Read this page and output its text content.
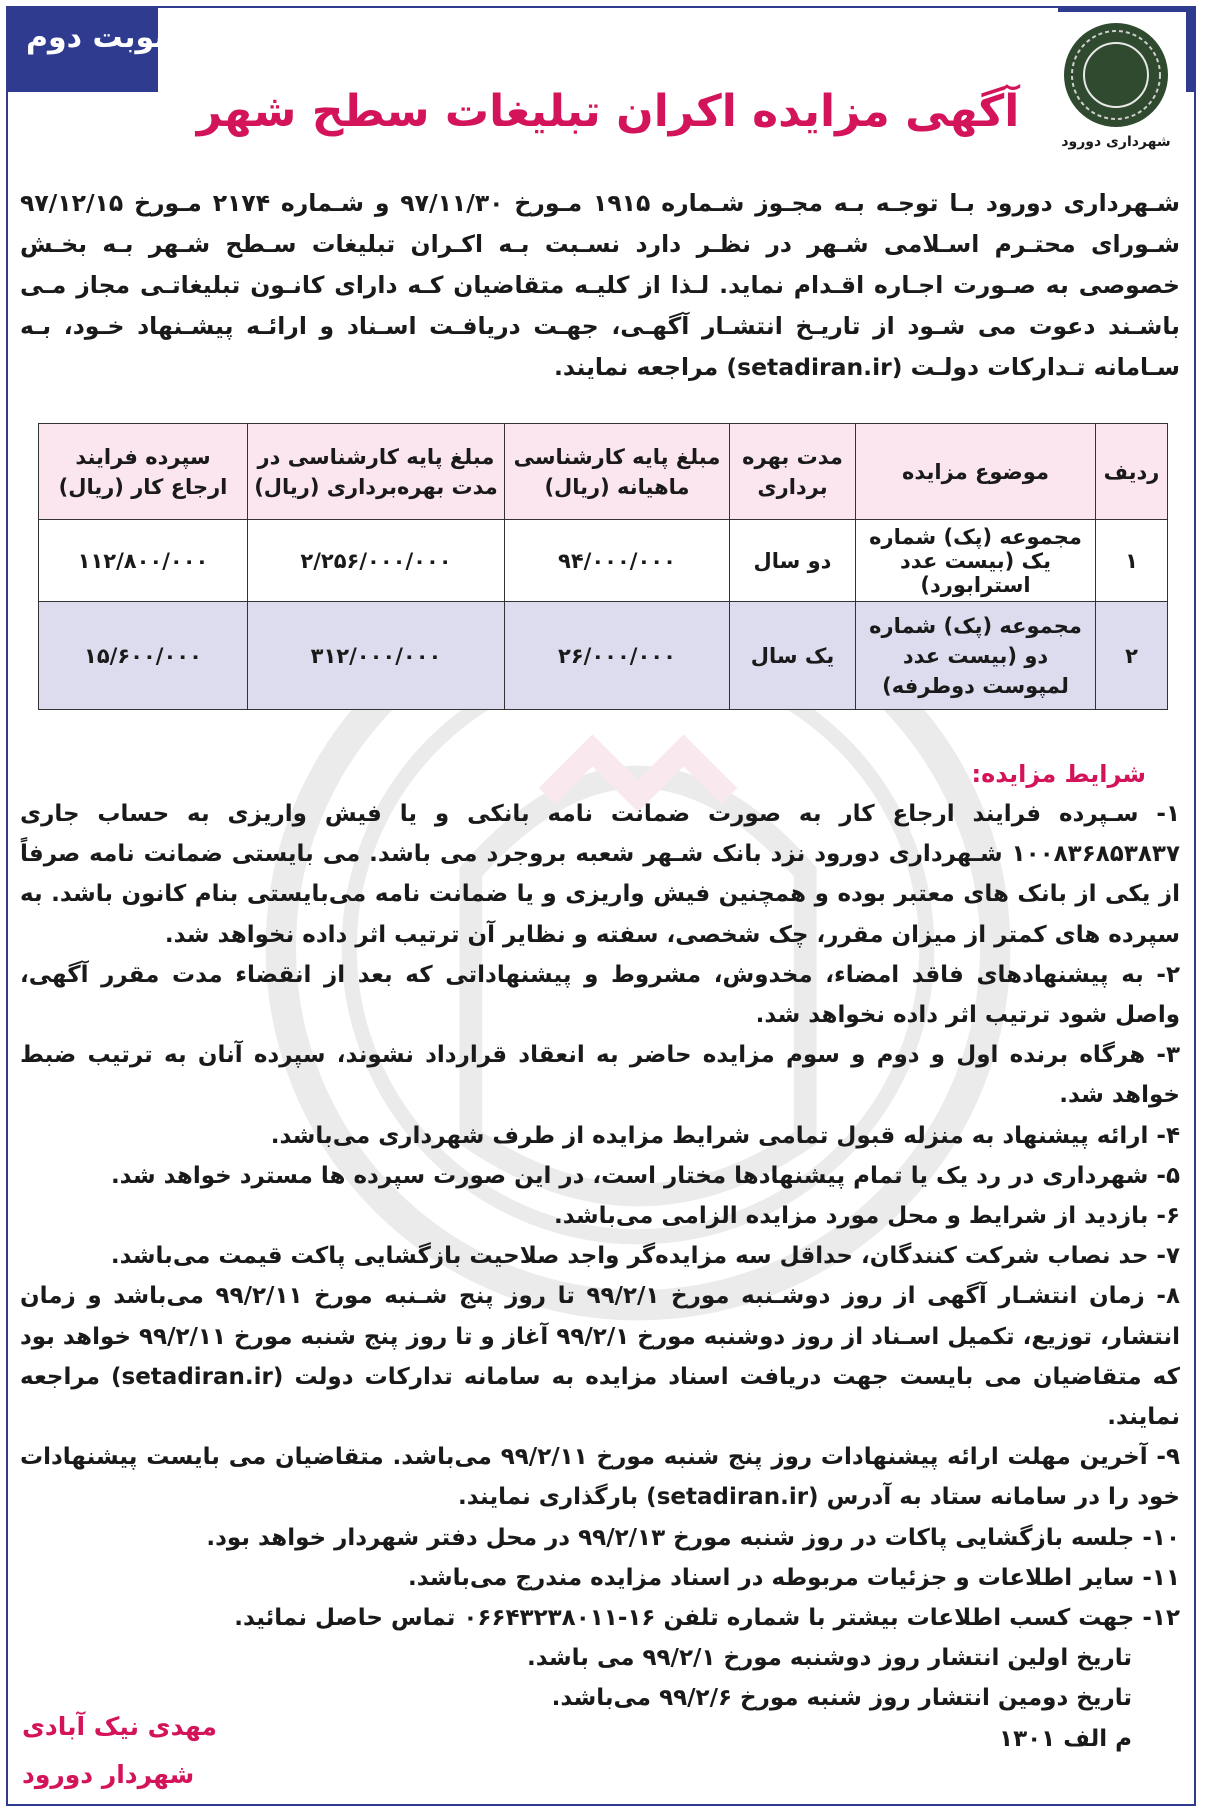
نوبت دوم
شهرداری دورود
آگهی مزایده اکران تبلیغات سطح شهر
شـهرداری دورود بـا توجـه بـه مجـوز شـماره ۱۹۱۵ مـورخ ۹۷/۱۱/۳۰ و شـماره ۲۱۷۴ مـورخ ۹۷/۱۲/۱۵ شـورای محتـرم اسـلامی شـهر در نظـر دارد نسـبت بـه اکـران تبلیغات سـطح شـهر بـه بخـش خصوصی به صـورت اجـاره اقـدام نمايد. لـذا از كليـه متقاضيان كـه داراى كانـون تبليغاتـى مجاز مـى باشـند دعوت مى شـود از تاریـخ انتشـار آگهـی، جهـت دریافـت اسـناد و ارائـه پیشـنهاد خـود، بـه سـامانه تـدارکات دولـت (setadiran.ir) مراجعه نمایند.
ردیف	موضوع مزایده	مدت بهره برداری	مبلغ پایه کارشناسی ماهیانه (ریال)	مبلغ پایه کارشناسی در مدت بهره‌برداری (ریال)	سپرده فرایند ارجاع کار (ریال)
۱	مجموعه (پک) شماره یک (بیست عدد استرابورد)	دو سال	۹۴/۰۰۰/۰۰۰	۲/۲۵۶/۰۰۰/۰۰۰	۱۱۲/۸۰۰/۰۰۰
۲	مجموعه (پک) شماره دو (بیست عدد لمپوست دوطرفه)	یک سال	۲۶/۰۰۰/۰۰۰	۳۱۲/۰۰۰/۰۰۰	۱۵/۶۰۰/۰۰۰
شرایط مزایده:

۱- سـپرده فرایند ارجاع کار به صورت ضمانت نامه بانکی و یا فیش واریزی به حساب جاری ۱۰۰۸۳۶۸۵۳۸۳۷ شـهرداری دورود نزد بانک شـهر شعبه بروجرد می باشد. می بایستی ضمانت نامه صرفاً از یکی از بانک های معتبر بوده و همچنین فیش واریزی و یا ضمانت نامه می‌بایستی بنام کانون باشد. به سپرده های کمتر از میزان مقرر، چک شخصی، سفته و نظایر آن ترتیب اثر داده نخواهد شد.

۲- به پیشنهادهای فاقد امضاء، مخدوش، مشروط و پیشنهاداتی که بعد از انقضاء مدت مقرر آگهی، واصل شود ترتیب اثر داده نخواهد شد.

۳- هرگاه برنده اول و دوم و سوم مزایده حاضر به انعقاد قرارداد نشوند، سپرده آنان به ترتیب ضبط خواهد شد.

۴- ارائه پیشنهاد به منزله قبول تمامی شرایط مزایده از طرف شهرداری می‌باشد.

۵- شهرداری در رد یک یا تمام پیشنهادها مختار است، در این صورت سپرده ها مسترد خواهد شد.

۶- بازدید از شرایط و محل مورد مزایده الزامی می‌باشد.

۷- حد نصاب شرکت کنندگان، حداقل سه مزایده‌گر واجد صلاحیت بازگشایی پاکت قیمت می‌باشد.

۸- زمان انتشـار آگهی از روز دوشـنبه مورخ ۹۹/۲/۱ تا روز پنج شـنبه مورخ ۹۹/۲/۱۱ می‌باشد و زمان انتشار، توزیع، تکمیل اسـناد از روز دوشنبه مورخ ۹۹/۲/۱ آغاز و تا روز پنج شنبه مورخ ۹۹/۲/۱۱ خواهد بود که متقاضیان می بایست جهت دریافت اسناد مزایده به سامانه تدارکات دولت (setadiran.ir) مراجعه نمایند.

۹- آخرین مهلت ارائه پیشنهادات روز پنج شنبه مورخ ۹۹/۲/۱۱ می‌باشد. متقاضیان می بایست پیشنهادات خود را در سامانه ستاد به آدرس (setadiran.ir) بارگذاری نمایند.

۱۰- جلسه بازگشایی پاکات در روز شنبه مورخ ۹۹/۲/۱۳ در محل دفتر شهردار خواهد بود.

۱۱- سایر اطلاعات و جزئیات مربوطه در اسناد مزایده مندرج می‌باشد.

۱۲- جهت کسب اطلاعات بیشتر با شماره تلفن ۱۶-۰۶۶۴۳۲۳۸۰۱۱ تماس حاصل نمائید.

تاریخ اولین انتشار روز دوشنبه مورخ ۹۹/۲/۱ می باشد.

تاریخ دومین انتشار روز شنبه مورخ ۹۹/۲/۶ می‌باشد.

م الف ۱۳۰۱

مهدی نیک آبادی
شهردار دورود
